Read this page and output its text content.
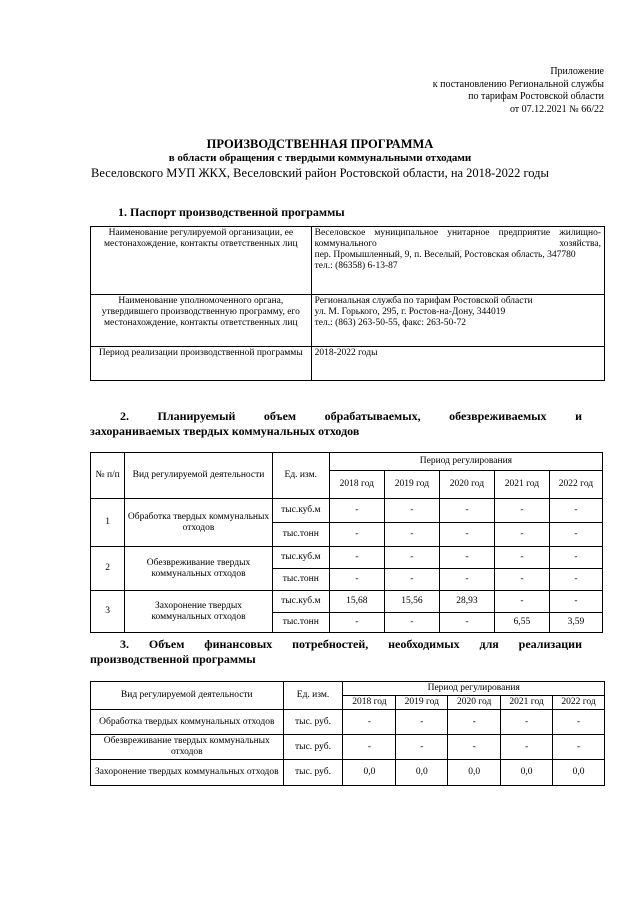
Приложение
к постановлению Региональной службы
по тарифам Ростовской области
от 07.12.2021 № 66/22
ПРОИЗВОДСТВЕННАЯ ПРОГРАММА
в области обращения с твердыми коммунальными отходами
Веселовского МУП ЖКХ, Веселовский район Ростовской области, на 2018-2022 годы
1. Паспорт производственной программы
Наименование регулируемой организации, ее местонахождение, контакты ответственных лиц	Веселовское муниципальное унитарное предприятие жилищно-коммунального хозяйства,
пер. Промышленный, 9, п. Веселый, Ростовская область, 347780
тел.: (86358) 6-13-87

Наименование уполномоченного органа, утвердившего производственную программу, его местонахождение, контакты ответственных лиц	Региональная служба по тарифам Ростовской области
ул. М. Горького, 295, г. Ростов-на-Дону, 344019
тел.: (863) 263-50-55, факс: 263-50-72

Период реализации производственной программы	2018-2022 годы
2. Планируемый объем обрабатываемых, обезвреживаемых и
захораниваемых твердых коммунальных отходов
№ п/п	Вид регулируемой деятельности	Ед. изм.	Период регулирования				
			2018 год	2019 год	2020 год	2021 год	2022 год
1	Обработка твердых коммунальных отходов	тыс.куб.м	-	-	-	-	-
		тыс.тонн	-	-	-	-	-
2	Обезвреживание твердых коммунальных отходов	тыс.куб.м	-	-	-	-	-
		тыс.тонн	-	-	-	-	-
3	Захоронение твердых коммунальных отходов	тыс.куб.м	15,68	15,56	28,93	-	-
		тыс.тонн	-	-	-	6,55	3,59
3. Объем финансовых потребностей, необходимых для реализации
производственной программы
Вид регулируемой деятельности	Ед. изм.	Период регулирования				
		2018 год	2019 год	2020 год	2021 год	2022 год
Обработка твердых коммунальных отходов	тыс. руб.	-	-	-	-	-
Обезвреживание твердых коммунальных отходов	тыс. руб.	-	-	-	-	-
Захоронение твердых коммунальных отходов	тыс. руб.	0,0	0,0	0,0	0,0	0,0
